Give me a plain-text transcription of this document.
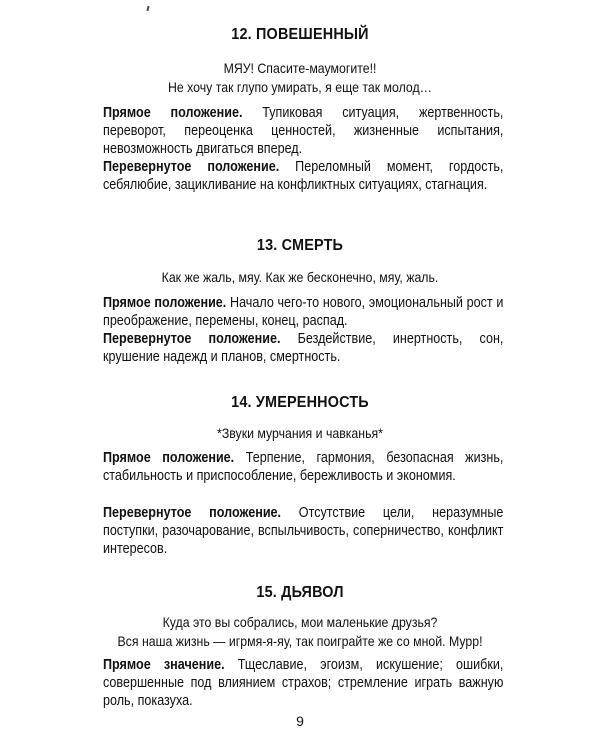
12. ПОВЕШЕННЫЙ
МЯУ! Спасите-маумогите!!
Не хочу так глупо умирать, я еще так молод…
Прямое положение. Тупиковая ситуация, жертвенность, переворот, переоценка ценностей, жизненные испытания, невозможность двигаться вперед.
Перевернутое положение. Переломный момент, гордость, себялюбие, зацикливание на конфликтных ситуациях, стагнация.
13. СМЕРТЬ
Как же жаль, мяу. Как же бесконечно, мяу, жаль.
Прямое положение. Начало чего-то нового, эмоциональный рост и преображение, перемены, конец, распад.
Перевернутое положение. Бездействие, инертность, сон, крушение надежд и планов, смертность.
14. УМЕРЕННОСТЬ
*Звуки мурчания и чавканья*
Прямое положение. Терпение, гармония, безопасная жизнь, стабильность и приспособление, бережливость и экономия.
Перевернутое положение. Отсутствие цели, неразумные поступки, разочарование, вспыльчивость, соперничество, конфликт интересов.
15. ДЬЯВОЛ
Куда это вы собрались, мои маленькие друзья?
Вся наша жизнь — игрмя-я-яу, так поиграйте же со мной. Мурр!
Прямое значение. Тщеславие, эгоизм, искушение; ошибки, совершенные под влиянием страхов; стремление играть важную роль, показуха.
9
